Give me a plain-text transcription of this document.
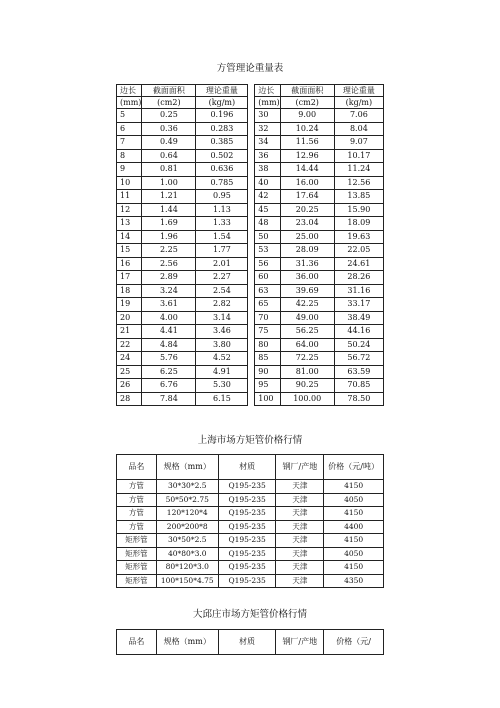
方管理论重量表
边长	截面面积	理论重量		边长	截面面积	理论重量
(mm)	(cm2)	(kg/m)		(mm)	(cm2)	(kg/m)
5	0.25	0.196		30	9.00	7.06
6	0.36	0.283		32	10.24	8.04
7	0.49	0.385		34	11.56	9.07
8	0.64	0.502		36	12.96	10.17
9	0.81	0.636		38	14.44	11.24
10	1.00	0.785		40	16.00	12.56
11	1.21	0.95		42	17.64	13.85
12	1.44	1.13		45	20.25	15.90
13	1.69	1.33		48	23.04	18.09
14	1.96	1.54		50	25.00	19.63
15	2.25	1.77		53	28.09	22.05
16	2.56	2.01		56	31.36	24.61
17	2.89	2.27		60	36.00	28.26
18	3.24	2.54		63	39.69	31.16
19	3.61	2.82		65	42.25	33.17
20	4.00	3.14		70	49.00	38.49
21	4.41	3.46		75	56.25	44.16
22	4.84	3.80		80	64.00	50.24
24	5.76	4.52		85	72.25	56.72
25	6.25	4.91		90	81.00	63.59
26	6.76	5.30		95	90.25	70.85
28	7.84	6.15		100	100.00	78.50
上海市场方矩管价格行情
品名	规格（mm）	材质	钢厂/产地	价格（元/吨）
方管	30*30*2.5	Q195-235	天津	4150
方管	50*50*2.75	Q195-235	天津	4050
方管	120*120*4	Q195-235	天津	4150
方管	200*200*8	Q195-235	天津	4400
矩形管	30*50*2.5	Q195-235	天津	4150
矩形管	40*80*3.0	Q195-235	天津	4050
矩形管	80*120*3.0	Q195-235	天津	4150
矩形管	100*150*4.75	Q195-235	天津	4350
大邱庄市场方矩管价格行情
品名	规格（mm）	材质	钢厂/产地	价格（元/
